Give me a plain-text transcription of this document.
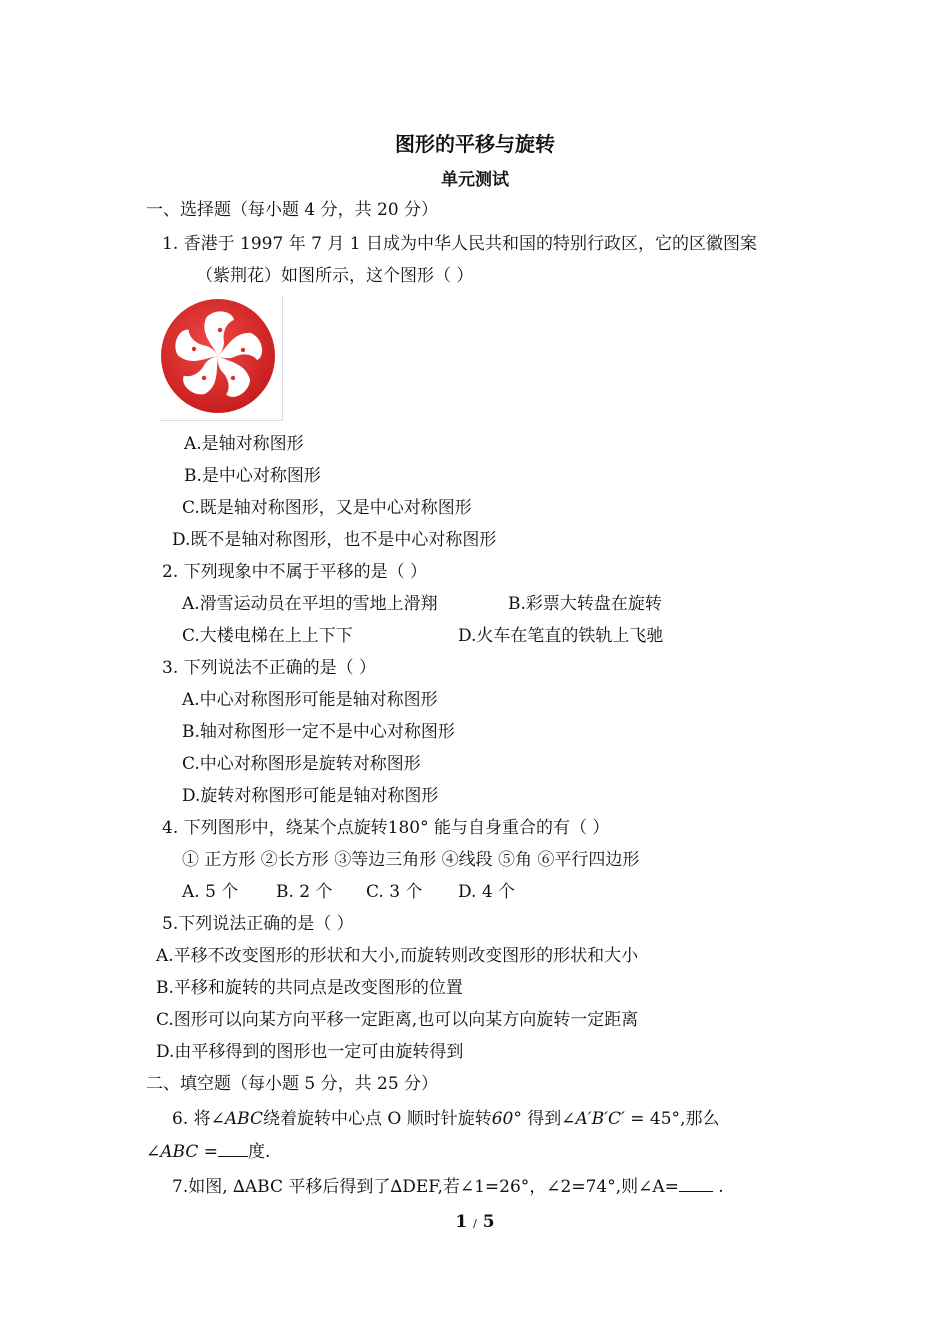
图形的平移与旋转
单元测试
一、选择题（每小题 4 分，共 20 分）
1. 香港于 1997 年 7 月 1 日成为中华人民共和国的特别行政区，它的区徽图案
（紫荆花）如图所示，这个图形（ ）
A.是轴对称图形
B.是中心对称图形
C.既是轴对称图形，又是中心对称图形
D.既不是轴对称图形，也不是中心对称图形
2. 下列现象中不属于平移的是（ ）
A.滑雪运动员在平坦的雪地上滑翔	B.彩票大转盘在旋转
C.大楼电梯在上上下下	D.火车在笔直的铁轨上飞驰
3. 下列说法不正确的是（ ）
A.中心对称图形可能是轴对称图形
B.轴对称图形一定不是中心对称图形
C.中心对称图形是旋转对称图形
D.旋转对称图形可能是轴对称图形
4. 下列图形中，绕某个点旋转180° 能与自身重合的有（ ）
① 正方形 ②长方形 ③等边三角形 ④线段 ⑤角 ⑥平行四边形
A. 5 个 B. 2 个 C. 3 个 D. 4 个
5.下列说法正确的是（ ）
A.平移不改变图形的形状和大小,而旋转则改变图形的形状和大小
B.平移和旋转的共同点是改变图形的位置
C.图形可以向某方向平移一定距离,也可以向某方向旋转一定距离
D.由平移得到的图形也一定可由旋转得到
二、填空题（每小题 5 分，共 25 分）
6. 将∠ABC绕着旋转中心点 O 顺时针旋转60° 得到∠A′B′C′ = 45°,那么
∠ABC = 度.
7.如图, ∆ABC 平移后得到了∆DEF,若∠1=26°，∠2=74°,则∠A= .
1 / 5
